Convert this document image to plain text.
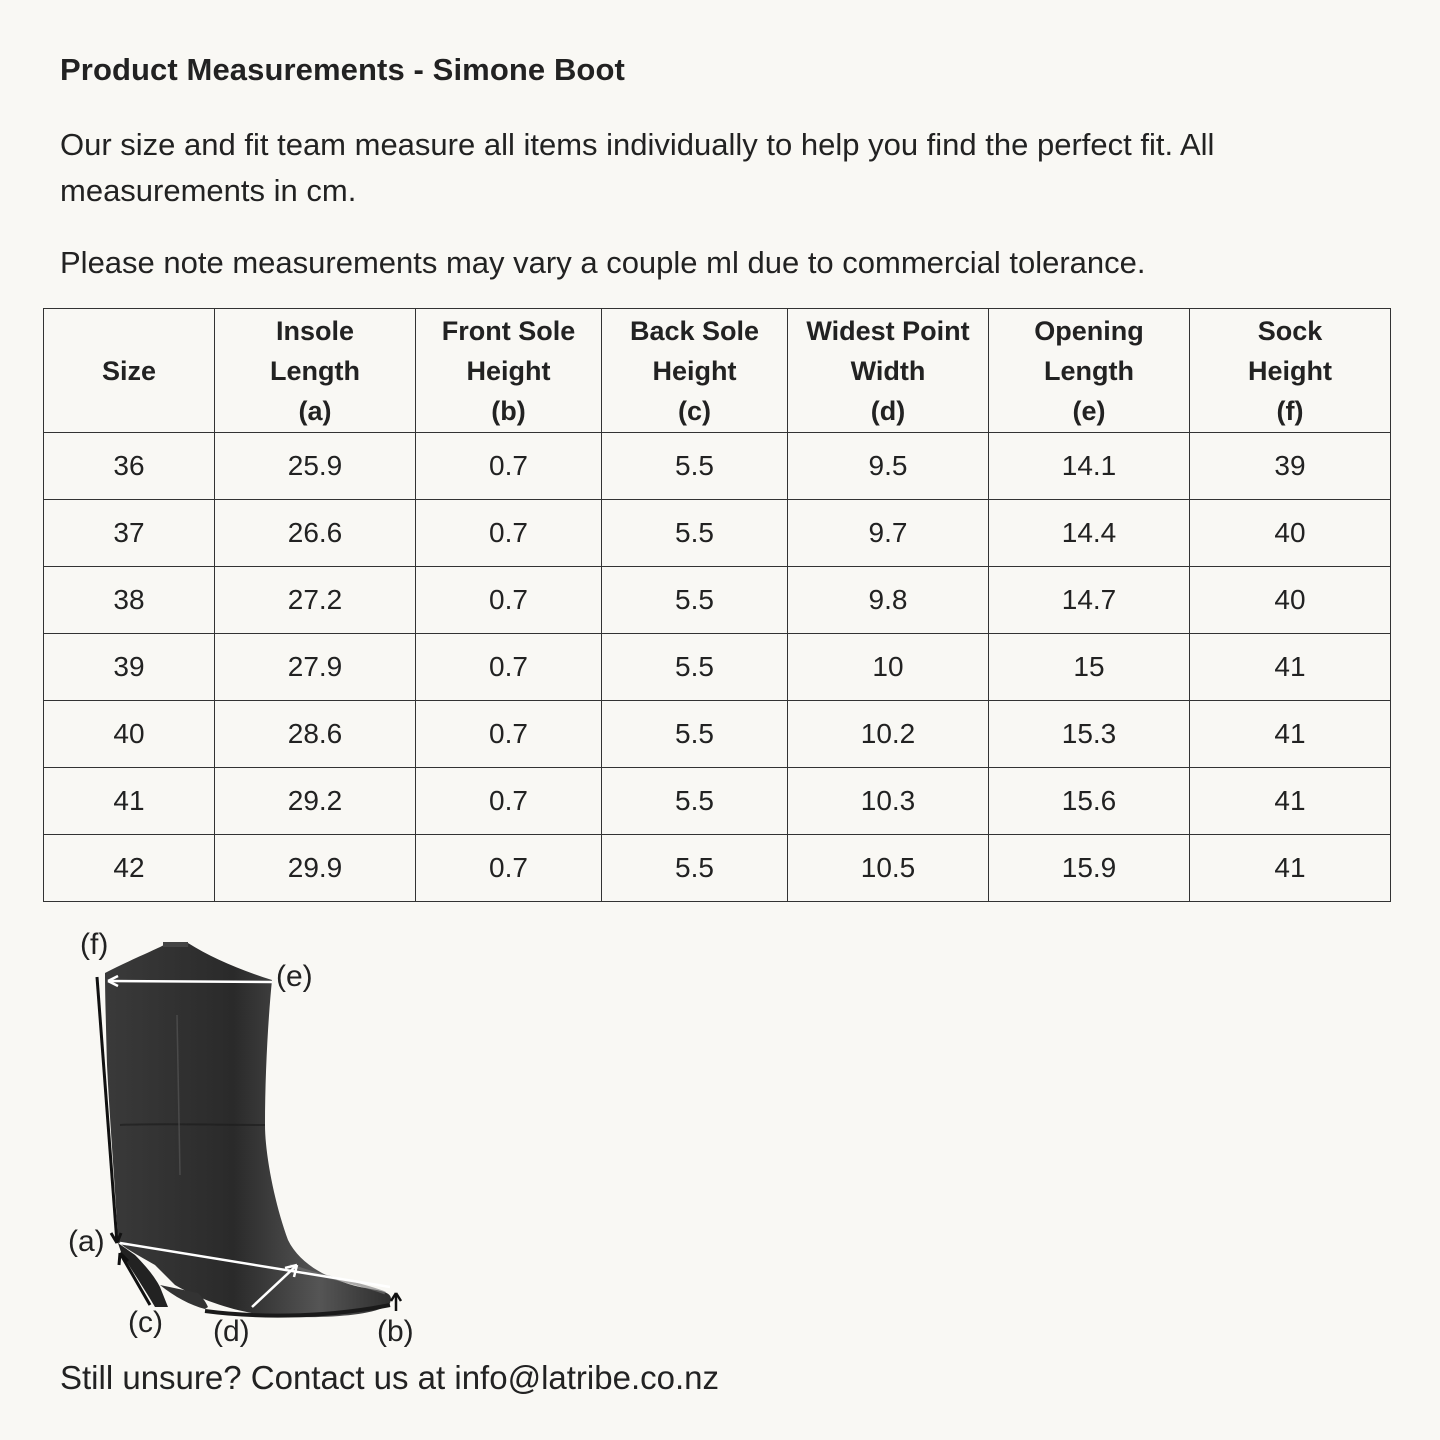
Product Measurements - Simone Boot
Our size and fit team measure all items individually to help you find the perfect fit. All measurements in cm.
Please note measurements may vary a couple ml due to commercial tolerance.
Size	Insole
Length
(a)	Front Sole
Height
(b)	Back Sole
Height
(c)	Widest Point
Width
(d)	Opening
Length
(e)	Sock
Height
(f)

36	25.9	0.7	5.5	9.5	14.1	39
37	26.6	0.7	5.5	9.7	14.4	40
38	27.2	0.7	5.5	9.8	14.7	40
39	27.9	0.7	5.5	10	15	41
40	28.6	0.7	5.5	10.2	15.3	41
41	29.2	0.7	5.5	10.3	15.6	41
42	29.9	0.7	5.5	10.5	15.9	41
(f)
(e)
(a)
(c) (d)	(b)
Still unsure? Contact us at info@latribe.co.nz
